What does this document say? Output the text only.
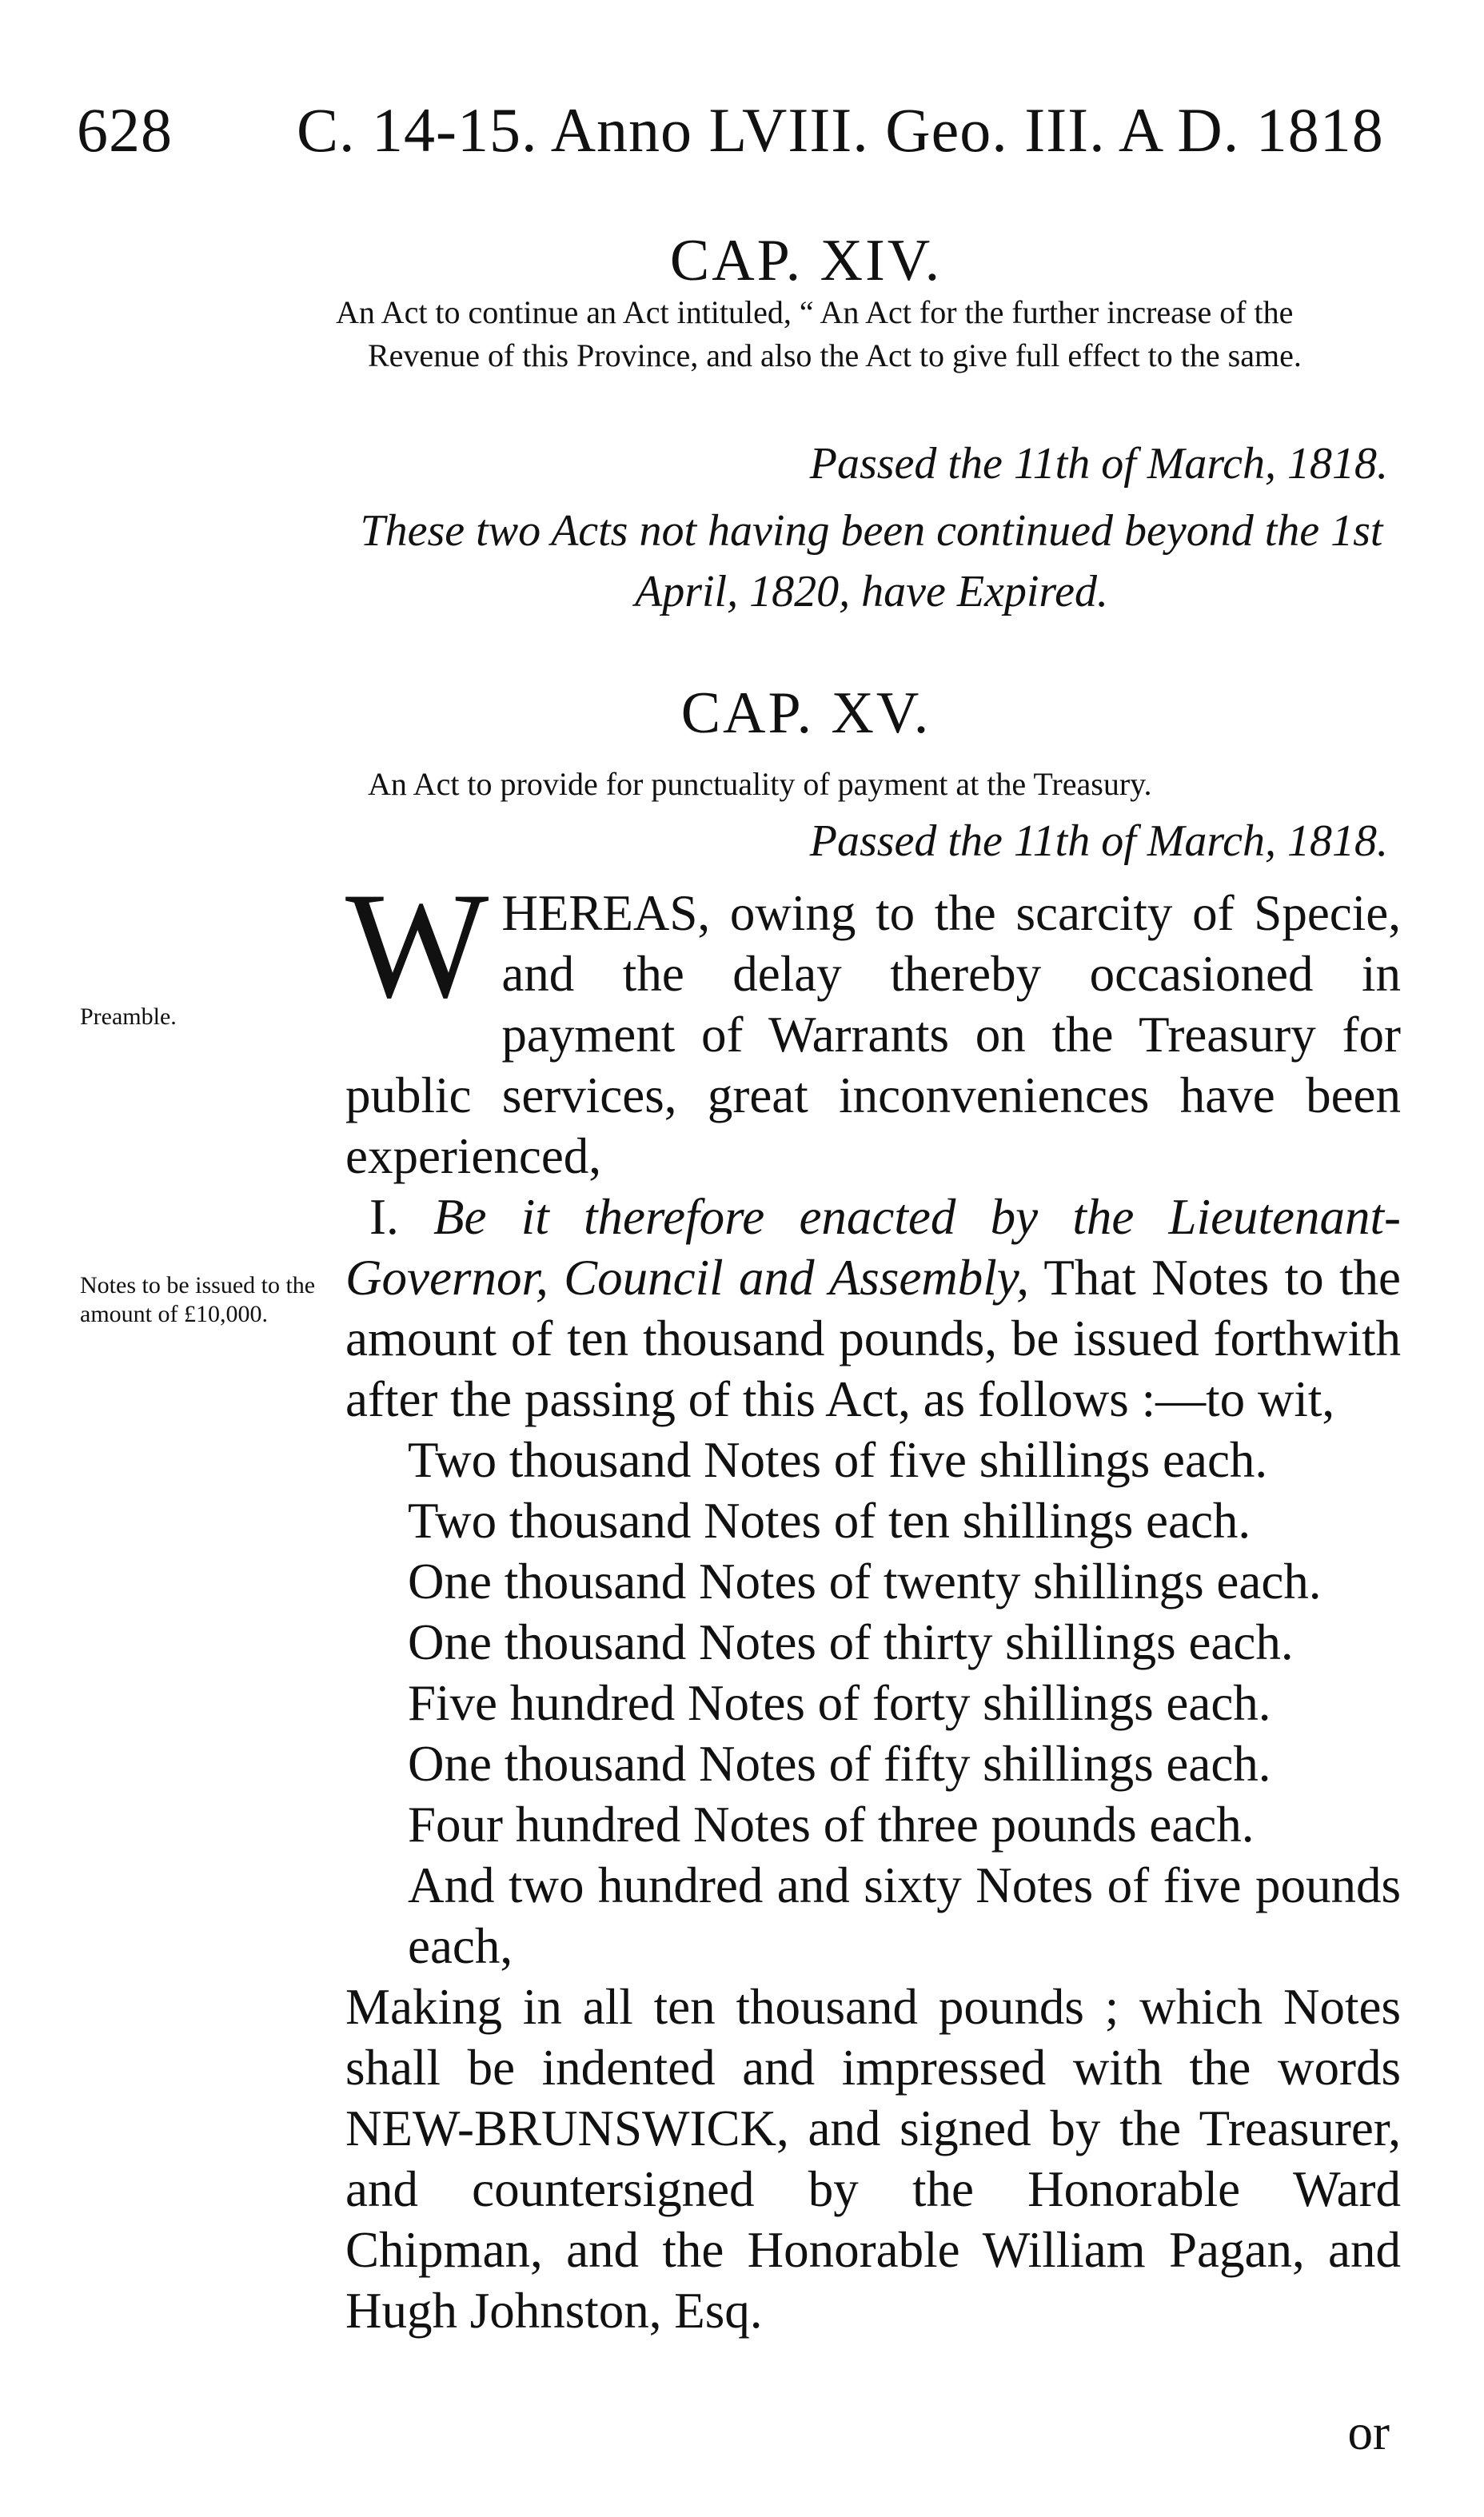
628 C. 14-15. Anno LVIII. Geo. III. A D. 1818
CAP. XIV.
An Act to continue an Act intituled, “ An Act for the further increase of the Revenue of this Province, and also the Act to give full effect to the same.
Passed the 11th of March, 1818.
These two Acts not having been continued beyond the 1st April, 1820, have Expired.
CAP. XV.
An Act to provide for punctuality of payment at the Treasury.
Passed the 11th of March, 1818.
Preamble.
Notes to be issued to the amount of £10,000.

WHEREAS, owing to the scarcity of Specie, and the delay thereby occasioned in payment of Warrants on the Treasury for public services, great inconveniences have been experienced,

I. Be it therefore enacted by the Lieutenant-Governor, Council and Assembly, That Notes to the amount of ten thousand pounds, be issued forthwith after the passing of this Act, as follows :—to wit,

Two thousand Notes of five shillings each.

Two thousand Notes of ten shillings each.

One thousand Notes of twenty shillings each.

One thousand Notes of thirty shillings each.

Five hundred Notes of forty shillings each.

One thousand Notes of fifty shillings each.

Four hundred Notes of three pounds each.

And two hundred and sixty Notes of five pounds each,

Making in all ten thousand pounds ; which Notes shall be indented and impressed with the words NEW-BRUNSWICK, and signed by the Treasurer, and countersigned by the Honorable Ward Chipman, and the Honorable William Pagan, and Hugh Johnston, Esq.

or
